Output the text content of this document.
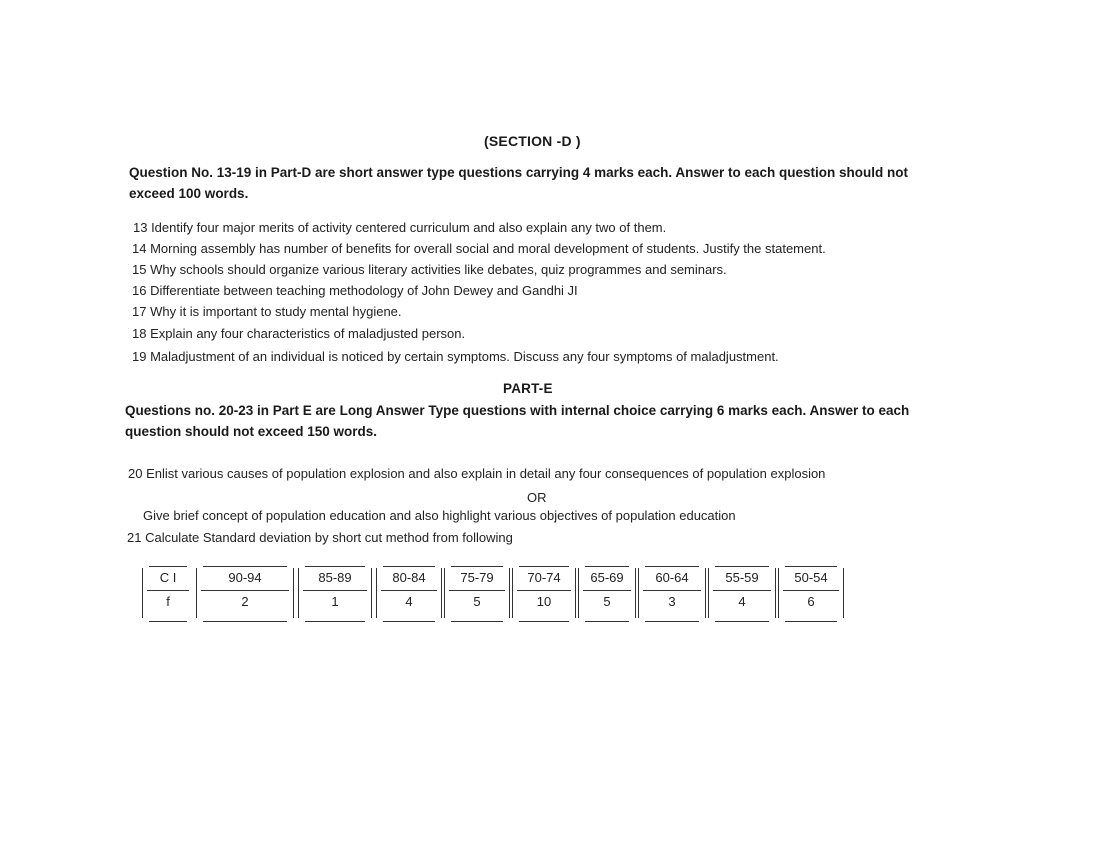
(SECTION -D )
Question No. 13-19 in Part-D are short answer type questions carrying 4 marks each. Answer to each question should not exceed 100 words.
13 Identify four major merits of activity centered curriculum and also explain any two of them.
14 Morning assembly has number of benefits for overall social and moral development of students. Justify the statement.
15 Why schools should organize various literary activities like debates, quiz programmes and seminars.
16 Differentiate between teaching methodology of John Dewey and Gandhi JI
17 Why it is important to study mental hygiene.
18 Explain any four characteristics of maladjusted person.
19 Maladjustment of an individual is noticed by certain symptoms. Discuss any four symptoms of maladjustment.
PART-E
Questions no. 20-23 in Part E are Long Answer Type questions with internal choice carrying 6 marks each. Answer to each question should not exceed 150 words.
20 Enlist various causes of population explosion and also explain in detail any four consequences of population explosion
OR
Give brief concept of population education and also highlight various objectives of population education
21 Calculate Standard deviation by short cut method from following
C I
f
90-94
2
85-89
1
80-84
4
75-79
5
70-74
10
65-69
5
60-64
3
55-59
4
50-54
6
